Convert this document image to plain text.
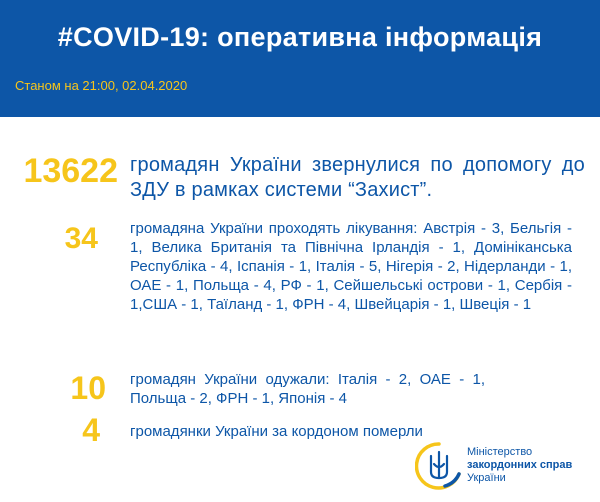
#COVID-19: оперативна інформація
Станом на 21:00, 02.04.2020
13622 громадян України звернулися по допомогу до ЗДУ в рамках системи “Захист”.
34 громадяна України проходять лікування: Австрія - 3, Бельгія - 1, Велика Британія та Північна Ірландія - 1, Домініканська Республіка - 4, Іспанія - 1, Італія - 5, Нігерія - 2, Нідерланди - 1, ОАЕ - 1, Польща - 4, РФ - 1, Сейшельські острови - 1, Сербія - 1,США - 1, Таїланд - 1, ФРН - 4, Швейцарія - 1, Швеція - 1
10 громадян України одужали: Італія - 2, ОАЕ - 1, Польща - 2, ФРН - 1, Японія - 4
4 громадянки України за кордоном померли
Міністерство
закордонних справ
України
